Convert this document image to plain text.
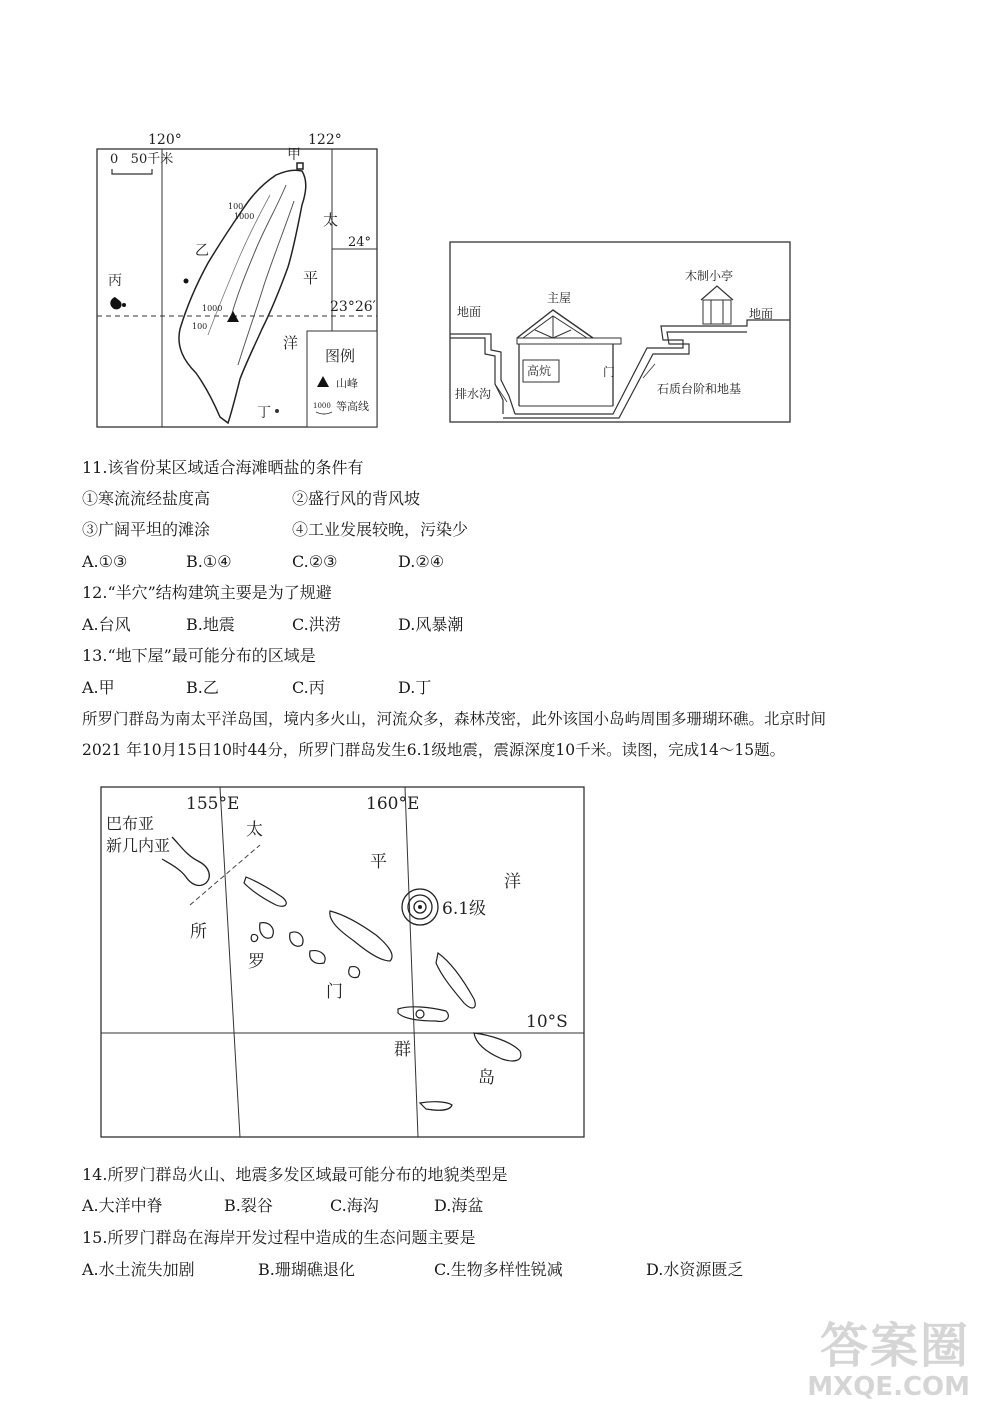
120°	122°
0   50千米
100
1000
1000
100
甲
乙
丙
丁
太
平
洋
24°
23°26′
图例
山峰
1000 等高线
木制小亭
主屋
地面	地面
高炕	门
排水沟	石质台阶和地基
11.该省份某区域适合海滩晒盐的条件有
①寒流流经盐度高	②盛行风的背风坡
③广阔平坦的滩涂	④工业发展较晚，污染少
A.①③	B.①④	C.②③	D.②④
12.“半穴”结构建筑主要是为了规避
A.台风	B.地震	C.洪涝	D.风暴潮
13.“地下屋”最可能分布的区域是
A.甲	B.乙	C.丙	D.丁
所罗门群岛为南太平洋岛国，境内多火山，河流众多，森林茂密，此外该国小岛屿周围多珊瑚环礁。北京时间
2021 年10月15日10时44分，所罗门群岛发生6.1级地震，震源深度10千米。读图，完成14～15题。
155°E	160°E
10°S
巴布亚
新几内亚
6.1级
太
平
洋
所
罗
门
群
岛
14.所罗门群岛火山、地震多发区域最可能分布的地貌类型是
A.大洋中脊	B.裂谷	C.海沟	D.海盆
15.所罗门群岛在海岸开发过程中造成的生态问题主要是
A.水土流失加剧	B.珊瑚礁退化	C.生物多样性锐减	D.水资源匮乏
答案圈
MXQE.COM
